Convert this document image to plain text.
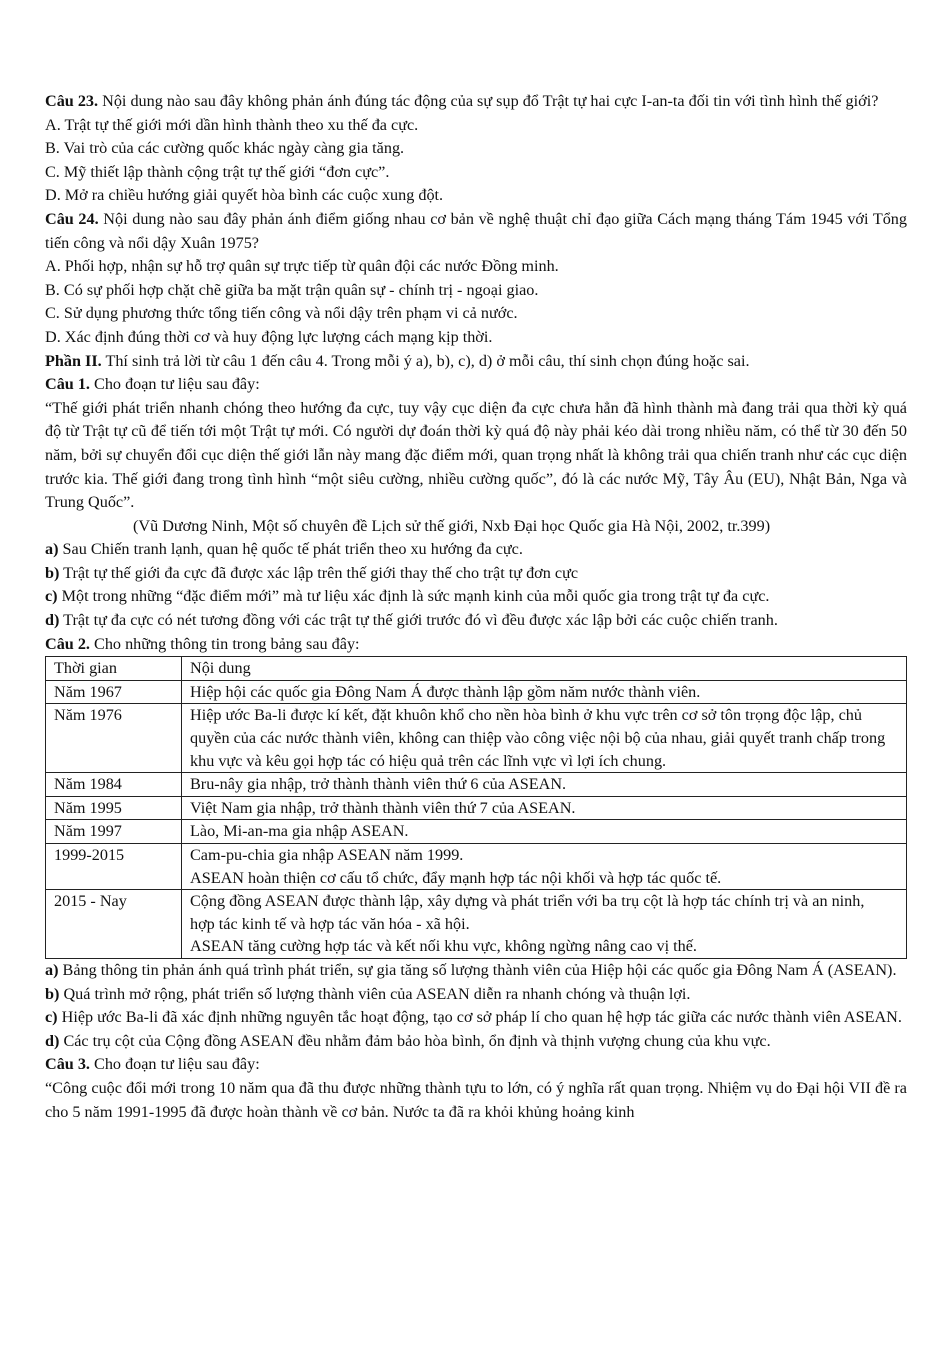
Câu 23. Nội dung nào sau đây không phản ánh đúng tác động của sự sụp đổ Trật tự hai cực I-an-ta đối tin với tình hình thế giới?

A. Trật tự thế giới mới dần hình thành theo xu thế đa cực.

B. Vai trò của các cường quốc khác ngày càng gia tăng.

C. Mỹ thiết lập thành cộng trật tự thế giới “đơn cực”.

D. Mở ra chiều hướng giải quyết hòa bình các cuộc xung đột.

Câu 24. Nội dung nào sau đây phản ánh điểm giống nhau cơ bản về nghệ thuật chỉ đạo giữa Cách mạng tháng Tám 1945 với Tổng tiến công và nổi dậy Xuân 1975?

A. Phối hợp, nhận sự hỗ trợ quân sự trực tiếp từ quân đội các nước Đồng minh.

B. Có sự phối hợp chặt chẽ giữa ba mặt trận quân sự - chính trị - ngoại giao.

C. Sử dụng phương thức tổng tiến công và nổi dậy trên phạm vi cả nước.

D. Xác định đúng thời cơ và huy động lực lượng cách mạng kịp thời.

Phần II. Thí sinh trả lời từ câu 1 đến câu 4. Trong mỗi ý a), b), c), d) ở mỗi câu, thí sinh chọn đúng hoặc sai.

Câu 1. Cho đoạn tư liệu sau đây:

“Thế giới phát triển nhanh chóng theo hướng đa cực, tuy vậy cục diện đa cực chưa hẳn đã hình thành mà đang trải qua thời kỳ quá độ từ Trật tự cũ để tiến tới một Trật tự mới. Có người dự đoán thời kỳ quá độ này phải kéo dài trong nhiều năm, có thể từ 30 đến 50 năm, bởi sự chuyển đổi cục diện thế giới lẫn này mang đặc điểm mới, quan trọng nhất là không trải qua chiến tranh như các cục diện trước kia. Thế giới đang trong tình hình “một siêu cường, nhiều cường quốc”, đó là các nước Mỹ, Tây Âu (EU), Nhật Bản, Nga và Trung Quốc”.

(Vũ Dương Ninh, Một số chuyên đề Lịch sử thế giới, Nxb Đại học Quốc gia Hà Nội, 2002, tr.399)

a) Sau Chiến tranh lạnh, quan hệ quốc tế phát triển theo xu hướng đa cực.

b) Trật tự thế giới đa cực đã được xác lập trên thế giới thay thế cho trật tự đơn cực

c) Một trong những “đặc điểm mới” mà tư liệu xác định là sức mạnh kinh của mỗi quốc gia trong trật tự đa cực.

d) Trật tự đa cực có nét tương đồng với các trật tự thế giới trước đó vì đều được xác lập bởi các cuộc chiến tranh.

Câu 2. Cho những thông tin trong bảng sau đây:

Thời gian	Nội dung
Năm 1967	Hiệp hội các quốc gia Đông Nam Á được thành lập gồm năm nước thành viên.

Năm 1976	Hiệp ước Ba-li được kí kết, đặt khuôn khổ cho nền hòa bình ở khu vực trên cơ sở tôn trọng độc lập, chủ quyền của các nước thành viên, không can thiệp vào công việc nội bộ của nhau, giải quyết tranh chấp trong khu vực và kêu gọi hợp tác có hiệu quả trên các lĩnh vực vì lợi ích chung.

Năm 1984	Bru-nây gia nhập, trở thành thành viên thứ 6 của ASEAN.

Năm 1995	Việt Nam gia nhập, trở thành thành viên thứ 7 của ASEAN.

Năm 1997	Lào, Mi-an-ma gia nhập ASEAN.

1999-2015	Cam-pu-chia gia nhập ASEAN năm 1999.
ASEAN hoàn thiện cơ cấu tổ chức, đẩy mạnh hợp tác nội khối và hợp tác quốc tế.

2015 - Nay	Cộng đồng ASEAN được thành lập, xây dựng và phát triển với ba trụ cột là hợp tác chính trị và an ninh, hợp tác kinh tế và hợp tác văn hóa - xã hội.
ASEAN tăng cường hợp tác và kết nối khu vực, không ngừng nâng cao vị thế.

a) Bảng thông tin phản ánh quá trình phát triển, sự gia tăng số lượng thành viên của Hiệp hội các quốc gia Đông Nam Á (ASEAN).

b) Quá trình mở rộng, phát triển số lượng thành viên của ASEAN diễn ra nhanh chóng và thuận lợi.

c) Hiệp ước Ba-li đã xác định những nguyên tắc hoạt động, tạo cơ sở pháp lí cho quan hệ hợp tác giữa các nước thành viên ASEAN.

d) Các trụ cột của Cộng đồng ASEAN đều nhằm đảm bảo hòa bình, ổn định và thịnh vượng chung của khu vực.

Câu 3. Cho đoạn tư liệu sau đây:

“Công cuộc đổi mới trong 10 năm qua đã thu được những thành tựu to lớn, có ý nghĩa rất quan trọng. Nhiệm vụ do Đại hội VII đề ra cho 5 năm 1991-1995 đã được hoàn thành về cơ bản. Nước ta đã ra khỏi khủng hoảng kinh
